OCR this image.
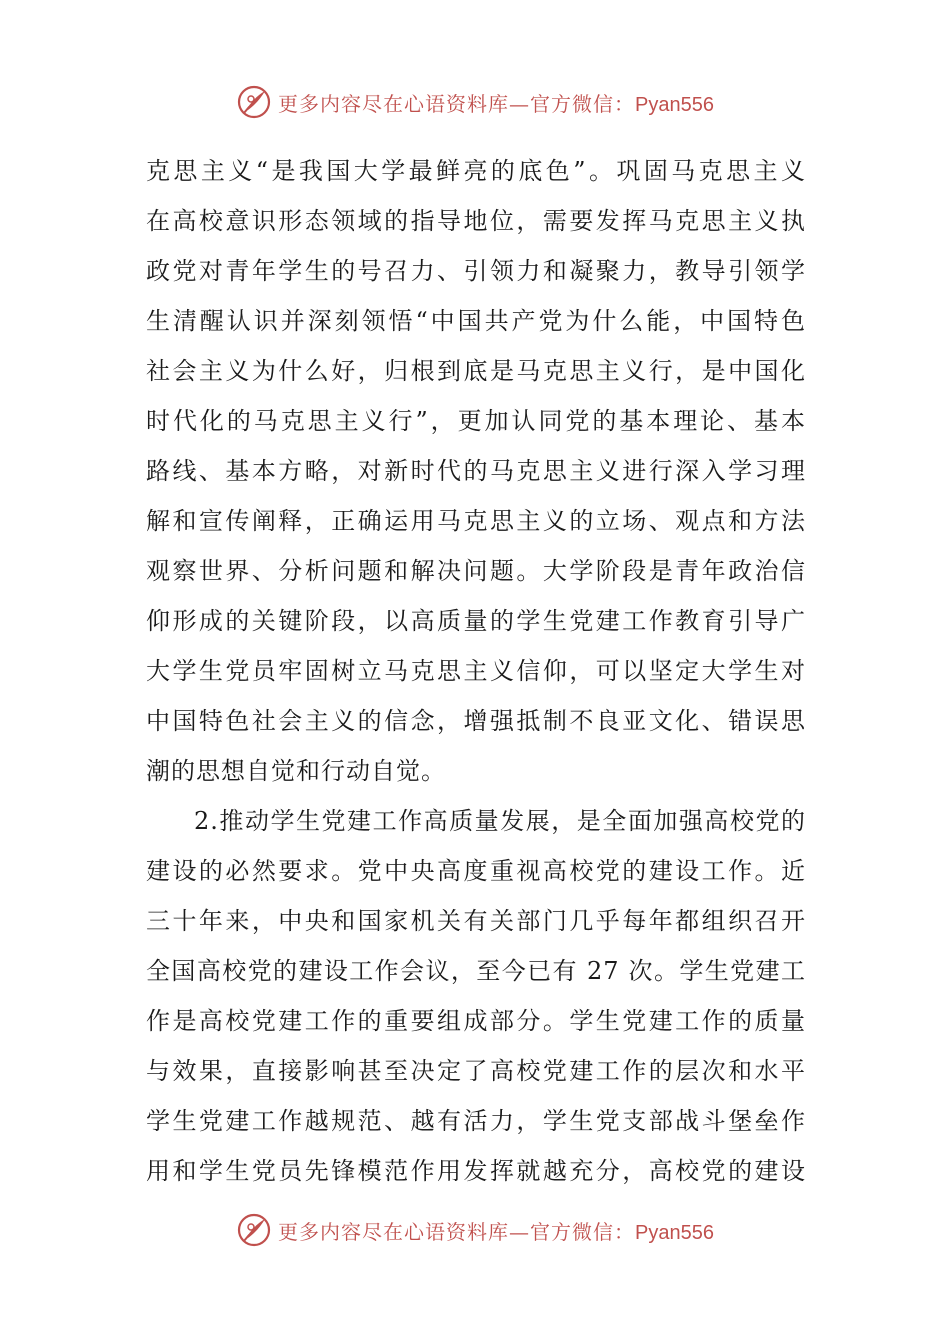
更多内容尽在心语资料库—官方微信：Pyan556
克思主义“是我国大学最鲜亮的底色”。巩固马克思主义
在高校意识形态领域的指导地位，需要发挥马克思主义执
政党对青年学生的号召力、引领力和凝聚力，教导引领学
生清醒认识并深刻领悟“中国共产党为什么能，中国特色
社会主义为什么好，归根到底是马克思主义行，是中国化
时代化的马克思主义行”，更加认同党的基本理论、基本
路线、基本方略，对新时代的马克思主义进行深入学习理
解和宣传阐释，正确运用马克思主义的立场、观点和方法
观察世界、分析问题和解决问题。大学阶段是青年政治信
仰形成的关键阶段，以高质量的学生党建工作教育引导广
大学生党员牢固树立马克思主义信仰，可以坚定大学生对
中国特色社会主义的信念，增强抵制不良亚文化、错误思
潮的思想自觉和行动自觉。
2.推动学生党建工作高质量发展，是全面加强高校党的
建设的必然要求。党中央高度重视高校党的建设工作。近
三十年来，中央和国家机关有关部门几乎每年都组织召开
全国高校党的建设工作会议，至今已有 27 次。学生党建工
作是高校党建工作的重要组成部分。学生党建工作的质量
与效果，直接影响甚至决定了高校党建工作的层次和水平
学生党建工作越规范、越有活力，学生党支部战斗堡垒作
用和学生党员先锋模范作用发挥就越充分，高校党的建设
更多内容尽在心语资料库—官方微信：Pyan556
